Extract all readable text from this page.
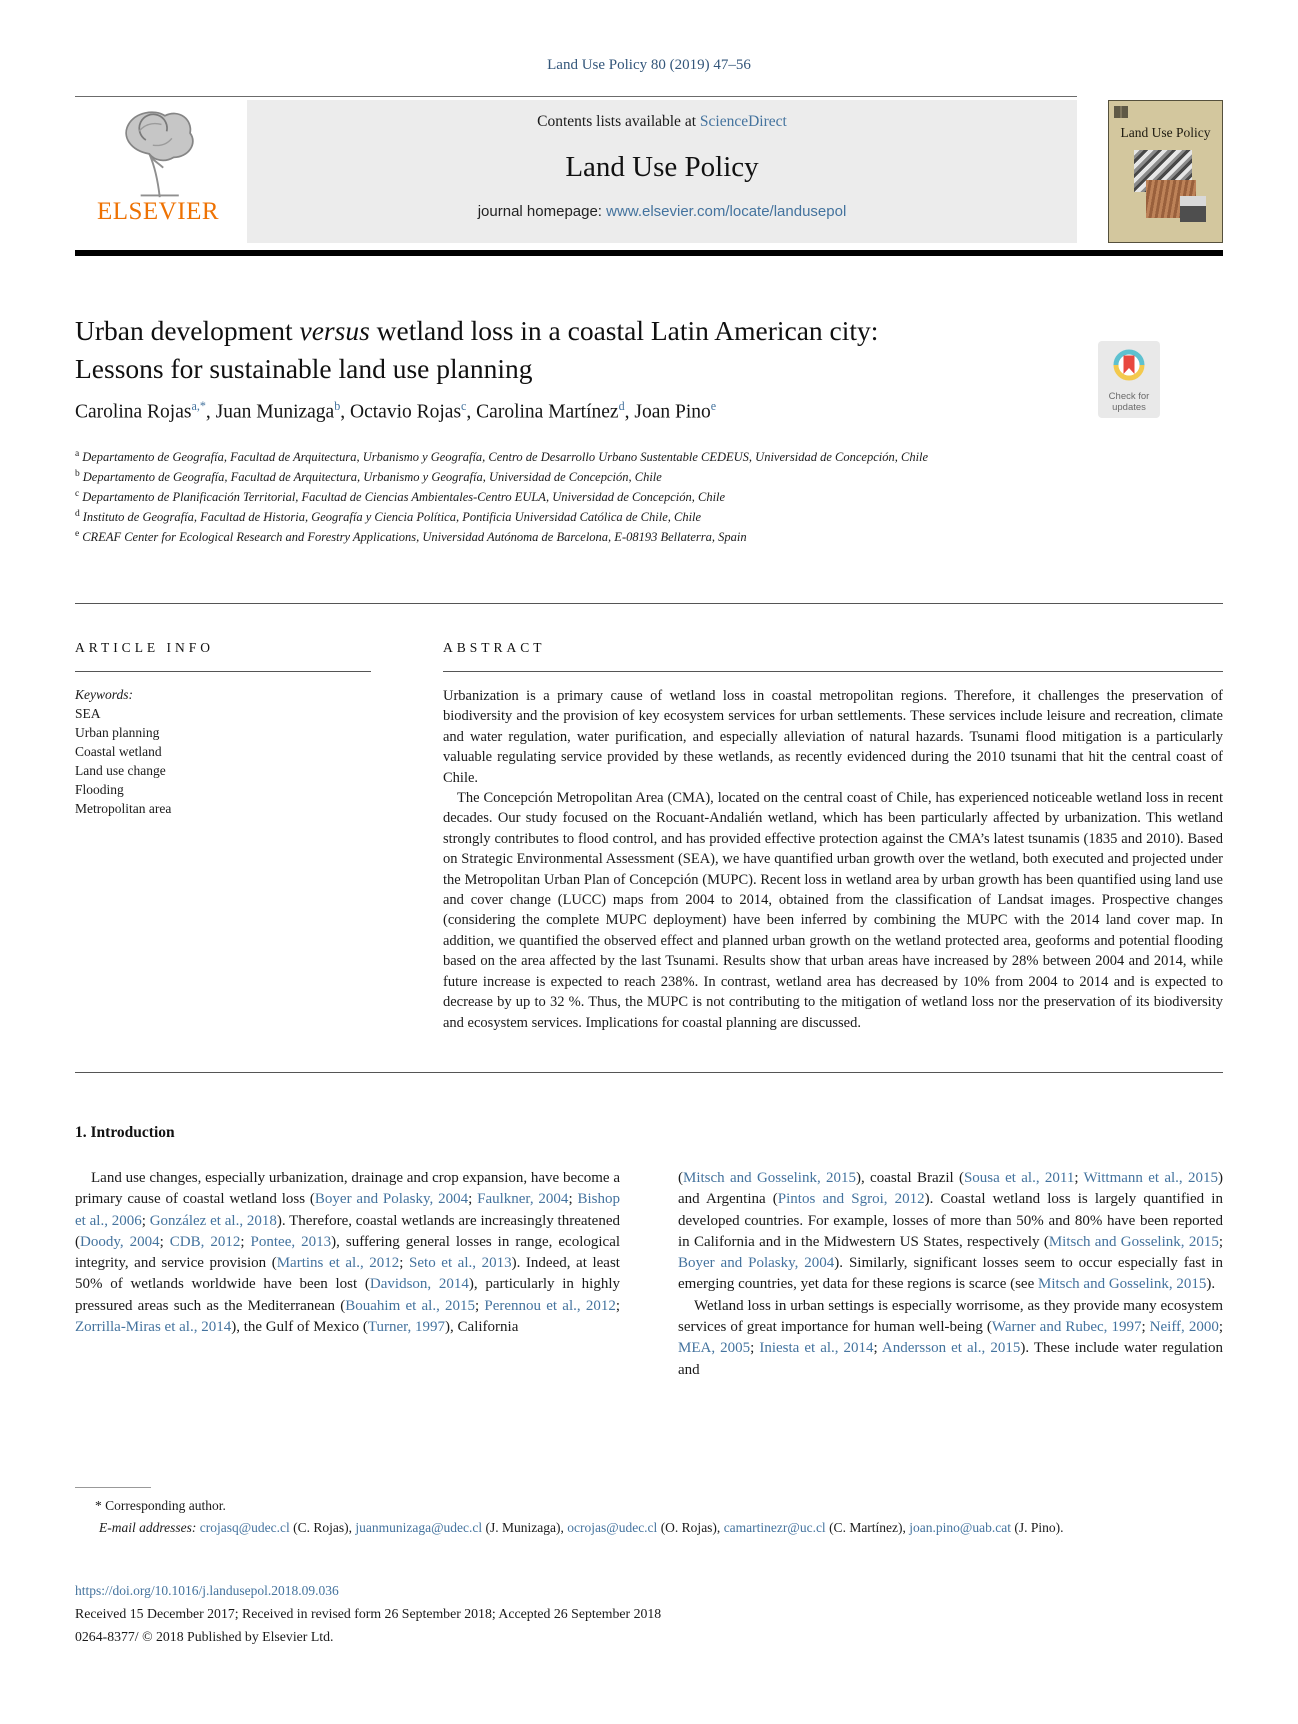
Land Use Policy 80 (2019) 47–56
ELSEVIER
Contents lists available at ScienceDirect
Land Use Policy
journal homepage: www.elsevier.com/locate/landusepol
Land Use Policy
Urban development versus wetland loss in a coastal Latin American city:
Lessons for sustainable land use planning
Check for updates
Carolina Rojas$^{a,*}$, Juan Munizaga$^b$, Octavio Rojas$^c$, Carolina Martínez$^d$, Joan Pino$^e$
$^a$ Departamento de Geografía, Facultad de Arquitectura, Urbanismo y Geografía, Centro de Desarrollo Urbano Sustentable CEDEUS, Universidad de Concepción, Chile
$^b$ Departamento de Geografía, Facultad de Arquitectura, Urbanismo y Geografía, Universidad de Concepción, Chile
$^c$ Departamento de Planificación Territorial, Facultad de Ciencias Ambientales-Centro EULA, Universidad de Concepción, Chile
$^d$ Instituto de Geografía, Facultad de Historia, Geografía y Ciencia Política, Pontificia Universidad Católica de Chile, Chile
$^e$ CREAF Center for Ecological Research and Forestry Applications, Universidad Autónoma de Barcelona, E-08193 Bellaterra, Spain
ARTICLE INFO
Keywords:
SEA
Urban planning
Coastal wetland
Land use change
Flooding
Metropolitan area
ABSTRACT

Urbanization is a primary cause of wetland loss in coastal metropolitan regions. Therefore, it challenges the preservation of biodiversity and the provision of key ecosystem services for urban settlements. These services include leisure and recreation, climate and water regulation, water purification, and especially alleviation of natural hazards. Tsunami flood mitigation is a particularly valuable regulating service provided by these wetlands, as recently evidenced during the 2010 tsunami that hit the central coast of Chile.

The Concepción Metropolitan Area (CMA), located on the central coast of Chile, has experienced noticeable wetland loss in recent decades. Our study focused on the Rocuant-Andalién wetland, which has been particularly affected by urbanization. This wetland strongly contributes to flood control, and has provided effective protection against the CMA’s latest tsunamis (1835 and 2010). Based on Strategic Environmental Assessment (SEA), we have quantified urban growth over the wetland, both executed and projected under the Metropolitan Urban Plan of Concepción (MUPC). Recent loss in wetland area by urban growth has been quantified using land use and cover change (LUCC) maps from 2004 to 2014, obtained from the classification of Landsat images. Prospective changes (considering the complete MUPC deployment) have been inferred by combining the MUPC with the 2014 land cover map. In addition, we quantified the observed effect and planned urban growth on the wetland protected area, geoforms and potential flooding based on the area affected by the last Tsunami. Results show that urban areas have increased by 28% between 2004 and 2014, while future increase is expected to reach 238%. In contrast, wetland area has decreased by 10% from 2004 to 2014 and is expected to decrease by up to 32 %. Thus, the MUPC is not contributing to the mitigation of wetland loss nor the preservation of its biodiversity and ecosystem services. Implications for coastal planning are discussed.

1. Introduction

Land use changes, especially urbanization, drainage and crop expansion, have become a primary cause of coastal wetland loss (Boyer and Polasky, 2004; Faulkner, 2004; Bishop et al., 2006; González et al., 2018). Therefore, coastal wetlands are increasingly threatened (Doody, 2004; CDB, 2012; Pontee, 2013), suffering general losses in range, ecological integrity, and service provision (Martins et al., 2012; Seto et al., 2013). Indeed, at least 50% of wetlands worldwide have been lost (Davidson, 2014), particularly in highly pressured areas such as the Mediterranean (Bouahim et al., 2015; Perennou et al., 2012; Zorrilla-Miras et al., 2014), the Gulf of Mexico (Turner, 1997), California

(Mitsch and Gosselink, 2015), coastal Brazil (Sousa et al., 2011; Wittmann et al., 2015) and Argentina (Pintos and Sgroi, 2012). Coastal wetland loss is largely quantified in developed countries. For example, losses of more than 50% and 80% have been reported in California and in the Midwestern US States, respectively (Mitsch and Gosselink, 2015; Boyer and Polasky, 2004). Similarly, significant losses seem to occur especially fast in emerging countries, yet data for these regions is scarce (see Mitsch and Gosselink, 2015).

Wetland loss in urban settings is especially worrisome, as they provide many ecosystem services of great importance for human well-being (Warner and Rubec, 1997; Neiff, 2000; MEA, 2005; Iniesta et al., 2014; Andersson et al., 2015). These include water regulation and

* Corresponding author.
E-mail addresses: crojasq@udec.cl (C. Rojas), juanmunizaga@udec.cl (J. Munizaga), ocrojas@udec.cl (O. Rojas), camartinezr@uc.cl (C. Martínez), joan.pino@uab.cat (J. Pino).
https://doi.org/10.1016/j.landusepol.2018.09.036
Received 15 December 2017; Received in revised form 26 September 2018; Accepted 26 September 2018
0264-8377/ © 2018 Published by Elsevier Ltd.
